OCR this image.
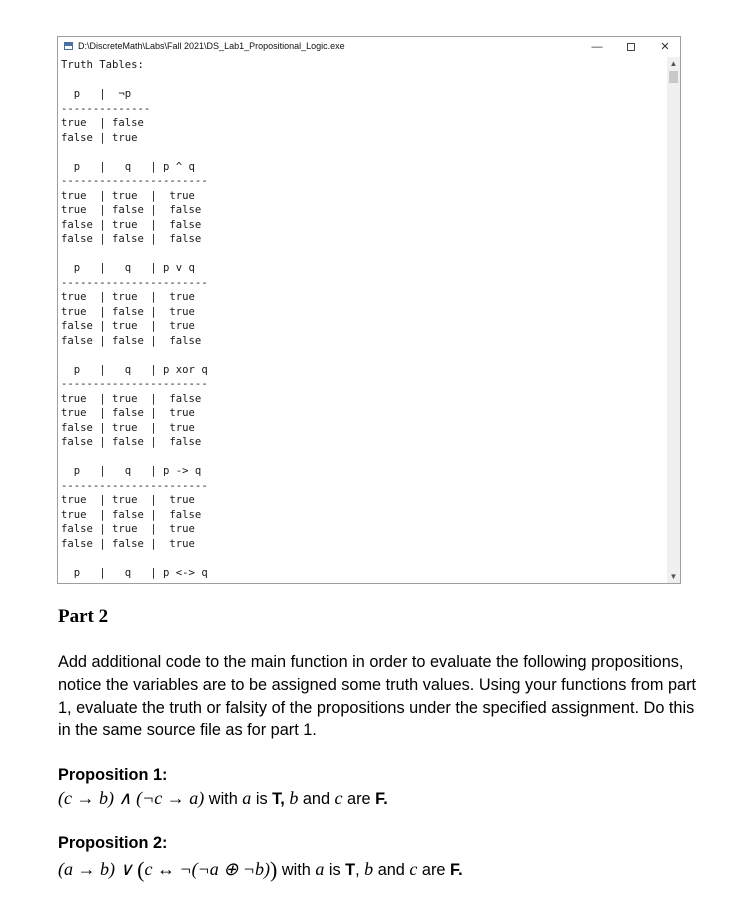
D:\DiscreteMath\Labs\Fall 2021\DS_Lab1_Propositional_Logic.exe	—	✕
Truth Tables:

p   |  ¬p
--------------
true  | false
false | true

p   |   q   | p ^ q
-----------------------
true  | true  |  true
true  | false |  false
false | true  |  false
false | false |  false

p   |   q   | p v q
-----------------------
true  | true  |  true
true  | false |  true
false | true  |  true
false | false |  false

p   |   q   | p xor q
-----------------------
true  | true  |  false
true  | false |  true
false | true  |  true
false | false |  false

p   |   q   | p -> q
-----------------------
true  | true  |  true
true  | false |  false
false | true  |  true
false | false |  true

p   |   q   | p <-> q
▲
▼
Part 2
Add additional code to the main function in order to evaluate the following propositions, notice the variables are to be assigned some truth values. Using your functions from part 1, evaluate the truth or falsity of the propositions under the specified assignment. Do this in the same source file as for part 1.
Proposition 1:
(c → b) ∧ (¬c → a) with a is T, b and c are F.
Proposition 2:
(a → b) ∨ (c ↔ ¬(¬a ⊕ ¬b)) with a is T, b and c are F.
